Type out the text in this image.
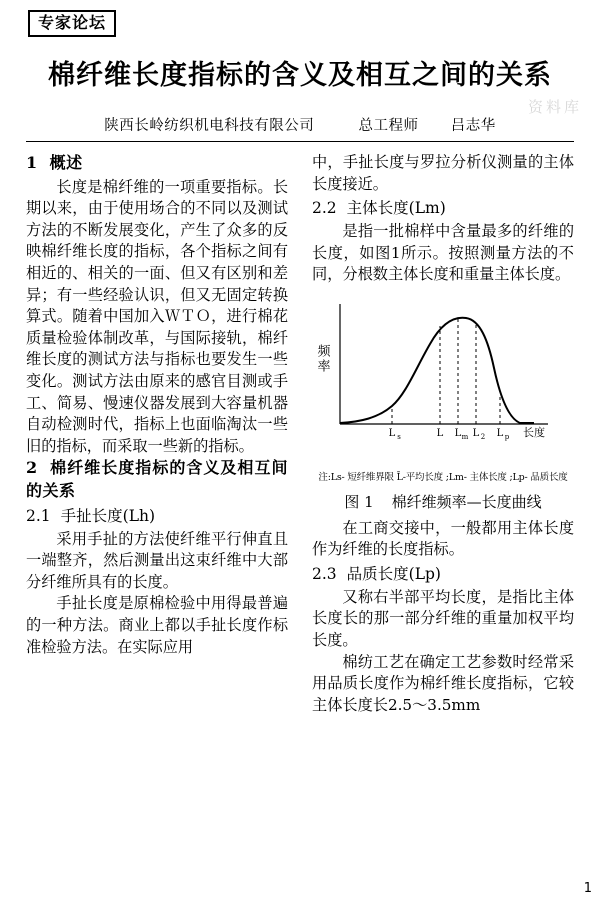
专家论坛
资料库
棉纤维长度指标的含义及相互之间的关系
陕西长岭纺织机电科技有限公司	总工程师 吕志华
1 概述

长度是棉纤维的一项重要指标。长期以来，由于使用场合的不同以及测试方法的不断发展变化，产生了众多的反映棉纤维长度的指标，各个指标之间有相近的、相关的一面、但又有区别和差异；有一些经验认识，但又无固定转换算式。随着中国加入ＷＴＯ，进行棉花质量检验体制改革，与国际接轨，棉纤维长度的测试方法与指标也要发生一些变化。测试方法由原来的感官目测或手工、简易、慢速仪器发展到大容量机器自动检测时代，指标上也面临淘汰一些旧的指标，而采取一些新的指标。

2 棉纤维长度指标的含义及相互间的关系
2.1 手扯长度(Lh)

采用手扯的方法使纤维平行伸直且一端整齐，然后测量出这束纤维中大部分纤维所具有的长度。

手扯长度是原棉检验中用得最普遍的一种方法。商业上都以手扯长度作标准检验方法。在实际应用

中，手扯长度与罗拉分析仪测量的主体长度接近。

2.2 主体长度(Lm)

是指一批棉样中含量最多的纤维的长度，如图1所示。按照测量方法的不同，分根数主体长度和重量主体长度。

频率
L s	L L m L 2 L p 长度
注:Ls- 短纤维界限 L̄-平均长度 ;Lm- 主体长度 ;Lp- 品质长度
图 1 棉纤维频率—长度曲线

在工商交接中，一般都用主体长度作为纤维的长度指标。

2.3 品质长度(Lp)

又称右半部平均长度，是指比主体长度长的那一部分纤维的重量加权平均长度。

棉纺工艺在确定工艺参数时经常采用品质长度作为棉纤维长度指标，它较主体长度长2.5～3.5mm

1
